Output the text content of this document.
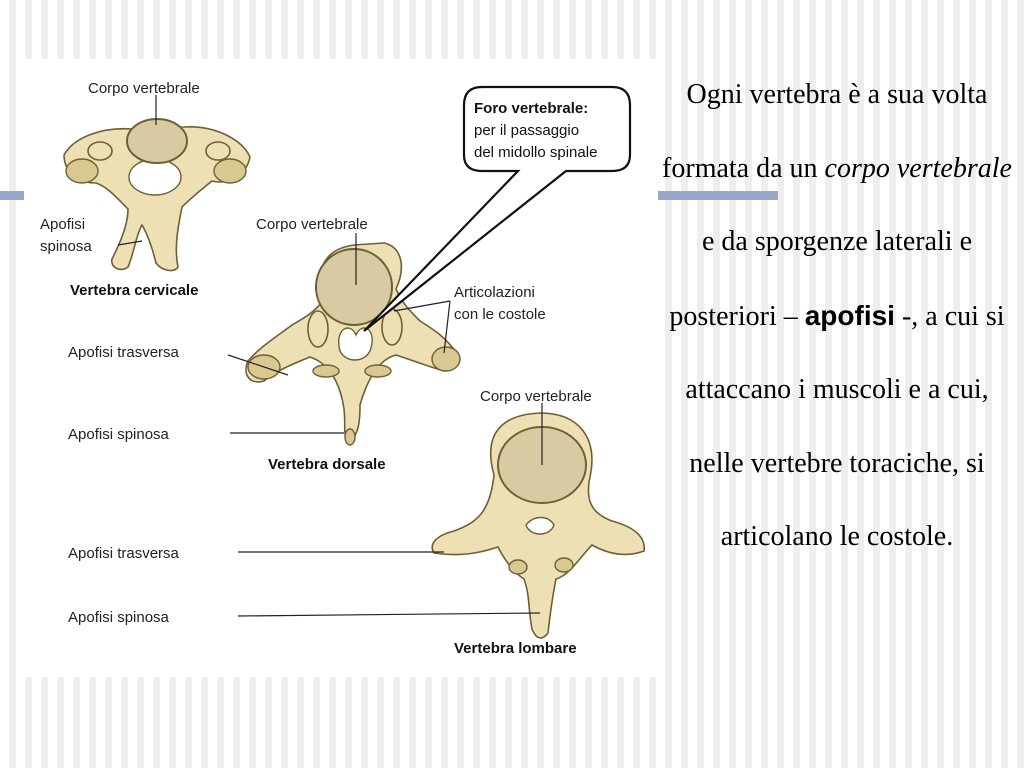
Foro vertebrale:
per il passaggio
del midollo spinale
Corpo vertebrale
Apofisi
spinosa
Vertebra cervicale
Corpo vertebrale
Articolazioni
con le costole
Apofisi trasversa
Apofisi spinosa
Vertebra dorsale
Corpo vertebrale
Apofisi trasversa
Apofisi spinosa
Vertebra lombare
Ogni vertebra è a sua volta formata da un corpo vertebrale e da sporgenze laterali e posteriori – apofisi -, a cui si attaccano i muscoli e a cui, nelle vertebre toraciche, si articolano le costole.
